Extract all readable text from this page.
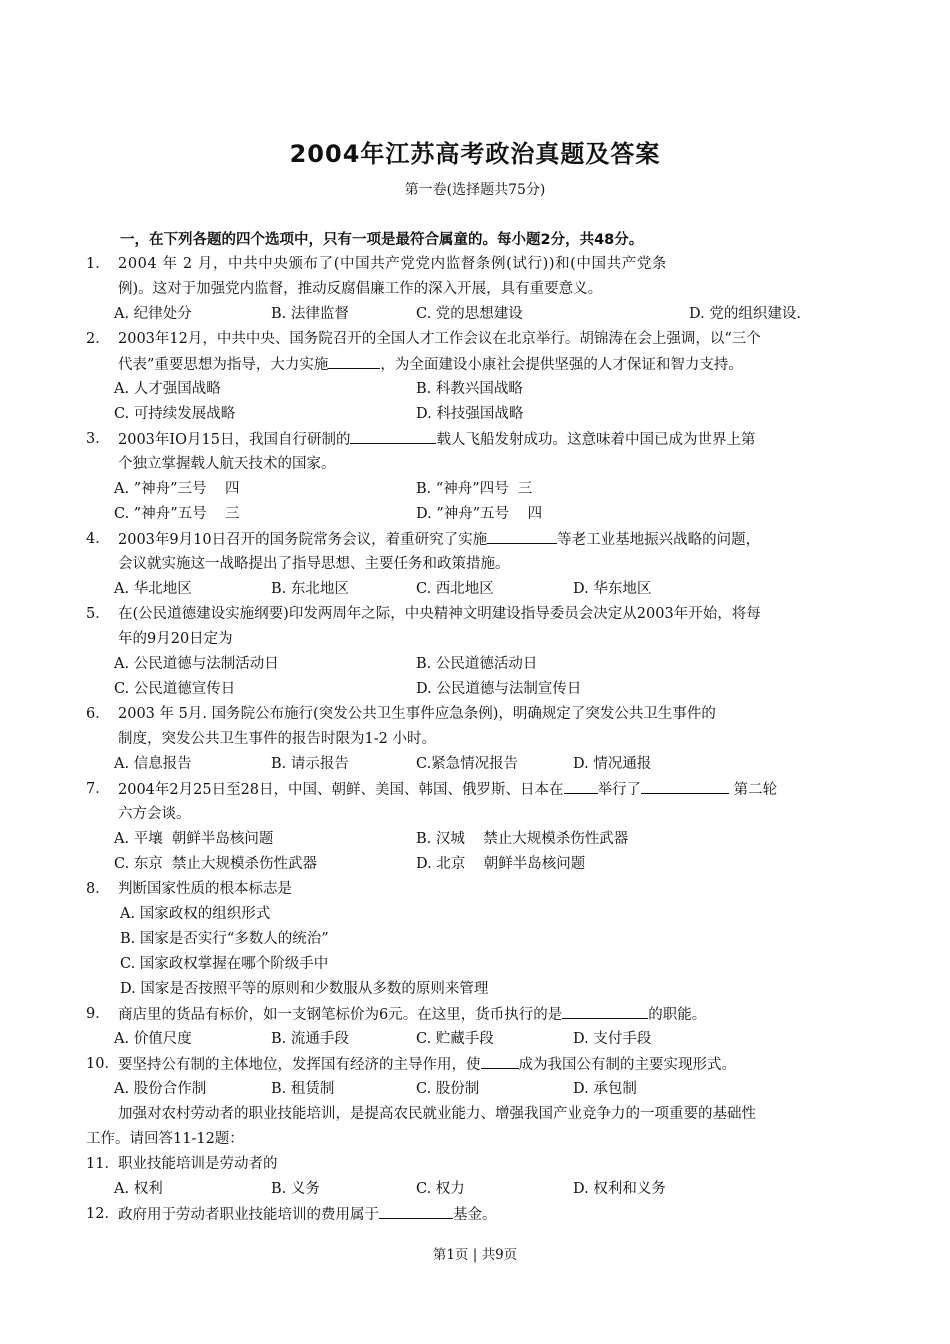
2004年江苏高考政治真题及答案
第一卷(选择题共75分)
一，在下列各题的四个选项中，只有一项是最符合属童的。每小题2分，共48分。
1． 2004 年 2 月，中共中央颁布了(中国共产党党内监督条例(试行))和(中国共产党条
例)。这对于加强党内监督，推动反腐倡廉工作的深入开展，具有重要意义。
A. 纪律处分	B. 法律监督	C. 党的思想建设	D. 党的组织建设.
2． 2003年12月，中共中央、国务院召开的全国人才工作会议在北京举行。胡锦涛在会上强调，以“三个
代表”重要思想为指导，大力实施	，为全面建设小康社会提供坚强的人才保证和智力支持。
A. 人才强国战略	B. 科教兴国战略
C. 可持续发展战略	D. 科技强国战略
3． 2003年IO月15日，我国自行研制的	载人飞船发射成功。这意味着中国已成为世界上第
个独立掌握载人航天技术的国家。
A. ”神舟”三号    四	B. “神舟”四号  三
C. ”神舟”五号    三	D. ”神舟”五号    四
4． 2003年9月10日召开的国务院常务会议，着重研究了实施	等老工业基地振兴战略的问题，
会议就实施这一战略提出了指导思想、主要任务和政策措施。
A. 华北地区	B. 东北地区	C. 西北地区	D. 华东地区
5． 在(公民道德建设实施纲要)印发两周年之际，中央精神文明建设指导委员会决定从2003年开始，将每
年的9月20日定为
A. 公民道德与法制活动日	B. 公民道德活动日
C. 公民道德宣传日	D. 公民道德与法制宣传日
6． 2003 年 5月. 国务院公布施行(突发公共卫生事件应急条例)，明确规定了突发公共卫生事件的
制度，突发公共卫生事件的报告时限为1-2 小时。
A. 信息报告	B. 请示报告	C.紧急情况报告	D. 情况通报
7． 2004年2月25日至28日，中国、朝鲜、美国、韩国、俄罗斯、日本在 举行了	第二轮
六方会谈。
A. 平壤  朝鲜半岛核问题	B. 汉城    禁止大规模杀伤性武器
C. 东京  禁止大规模杀伤性武器	D. 北京    朝鲜半岛核问题
8． 判断国家性质的根本标志是
A. 国家政权的组织形式
B. 国家是否实行“多数人的统治”
C. 国家政权掌握在哪个阶级手中
D. 国家是否按照平等的原则和少数服从多数的原则来管理
9． 商店里的货品有标价，如一支钢笔标价为6元。在这里，货币执行的是	的职能。
A. 价值尺度	B. 流通手段	C. 贮藏手段	D. 支付手段
10． 要坚持公有制的主体地位，发挥国有经济的主导作用，使	成为我国公有制的主要实现形式。
A. 股份合作制	B. 租赁制	C. 股份制	D. 承包制
加强对农村劳动者的职业技能培训，是提高农民就业能力、增强我国产业竞争力的一项重要的基础性
工作。请回答11-12题：
11． 职业技能培训是劳动者的
A. 权利	B. 义务	C. 权力	D. 权利和义务
12． 政府用于劳动者职业技能培训的费用属于	基金。
第1页 | 共9页
